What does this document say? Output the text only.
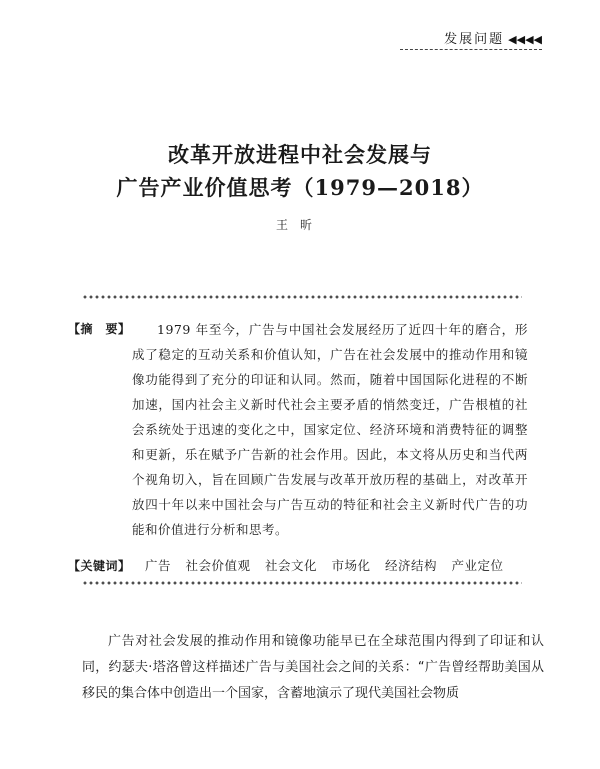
发展问题 ◀◀◀◀
改革开放进程中社会发展与
广告产业价值思考（1979—2018）
王昕
【摘　要】	1979 年至今，广告与中国社会发展经历了近四十年的磨合，形成了稳定的互动关系和价值认知，广告在社会发展中的推动作用和镜像功能得到了充分的印证和认同。然而，随着中国国际化进程的不断加速，国内社会主义新时代社会主要矛盾的悄然变迁，广告根植的社会系统处于迅速的变化之中，国家定位、经济环境和消费特征的调整和更新，乐在赋予广告新的社会作用。因此，本文将从历史和当代两个视角切入，旨在回顾广告发展与改革开放历程的基础上，对改革开放四十年以来中国社会与广告互动的特征和社会主义新时代广告的功能和价值进行分析和思考。
【关键词】 广告 社会价值观 社会文化 市场化 经济结构 产业定位
广告对社会发展的推动作用和镜像功能早已在全球范围内得到了印证和认同，约瑟夫·塔洛曾这样描述广告与美国社会之间的关系：“广告曾经帮助美国从移民的集合体中创造出一个国家，含蓄地演示了现代美国社会物质
